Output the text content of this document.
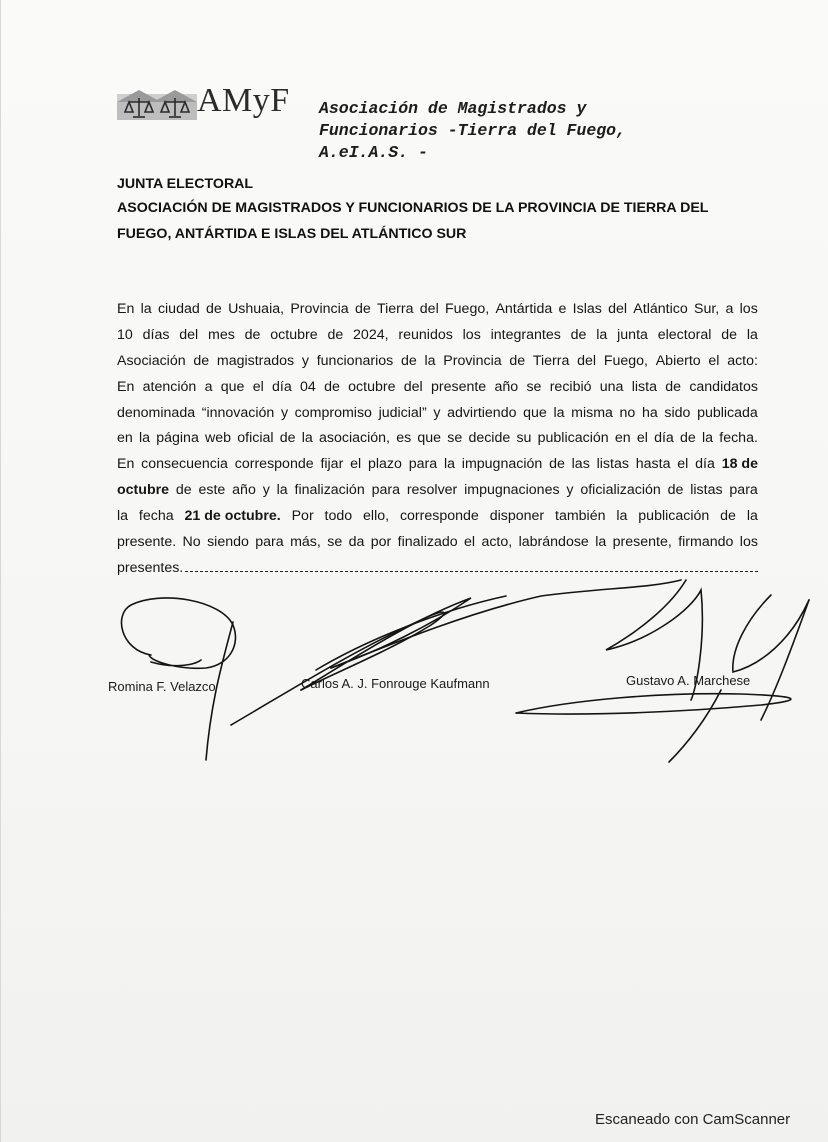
AMyF Asociación de Magistrados y
Funcionarios -Tierra del Fuego,
A.eI.A.S. -
JUNTA ELECTORAL
ASOCIACIÓN DE MAGISTRADOS Y FUNCIONARIOS DE LA PROVINCIA DE TIERRA DEL
FUEGO, ANTÁRTIDA E ISLAS DEL ATLÁNTICO SUR
En la ciudad de Ushuaia, Provincia de Tierra del Fuego, Antártida e Islas del Atlántico Sur, a los
10 días del mes de octubre de 2024, reunidos los integrantes de la junta electoral de la
Asociación de magistrados y funcionarios de la Provincia de Tierra del Fuego, Abierto el acto:
En atención a que el día 04 de octubre del presente año se recibió una lista de candidatos
denominada “innovación y compromiso judicial” y advirtiendo que la misma no ha sido publicada
en la página web oficial de la asociación, es que se decide su publicación en el día de la fecha.
En consecuencia corresponde fijar el plazo para la impugnación de las listas hasta el día 18 de
octubre de este año y la finalización para resolver impugnaciones y oficialización de listas para
la fecha 21 de octubre. Por todo ello, corresponde disponer también la publicación de la
presente. No siendo para más, se da por finalizado el acto, labrándose la presente, firmando los
presentes.
Romina F. Velazco	Carlos A. J. Fonrouge Kaufmann	Gustavo A. Marchese
Escaneado con CamScanner
